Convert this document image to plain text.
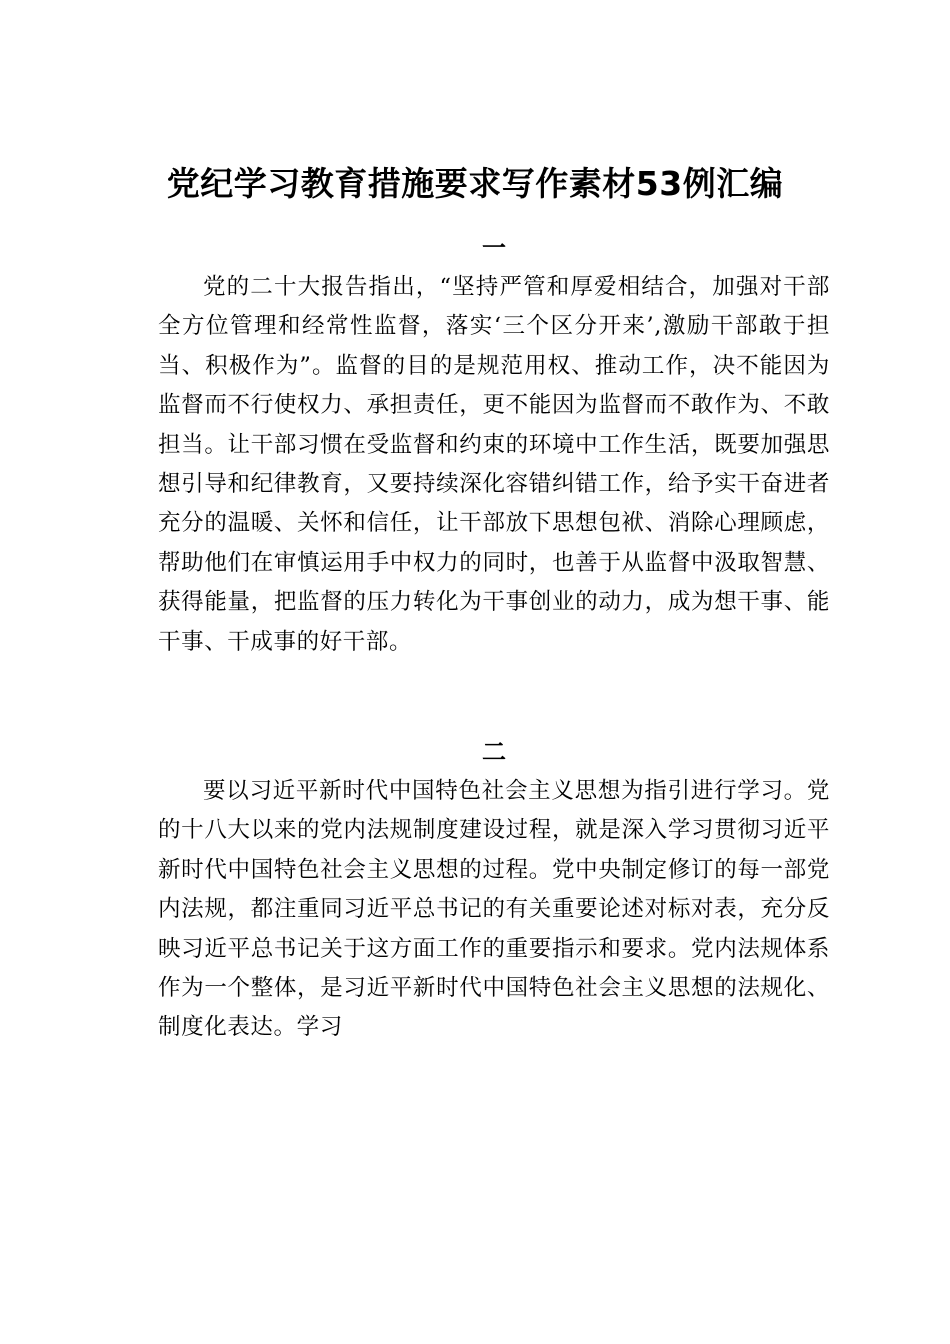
党纪学习教育措施要求写作素材53例汇编
一

党的二十大报告指出，“坚持严管和厚爱相结合，加强对干部全方位管理和经常性监督，落实‘三个区分开来’,激励干部敢于担当、积极作为”。监督的目的是规范用权、推动工作，决不能因为监督而不行使权力、承担责任，更不能因为监督而不敢作为、不敢担当。让干部习惯在受监督和约束的环境中工作生活，既要加强思想引导和纪律教育，又要持续深化容错纠错工作，给予实干奋进者充分的温暖、关怀和信任，让干部放下思想包袱、消除心理顾虑，帮助他们在审慎运用手中权力的同时，也善于从监督中汲取智慧、获得能量，把监督的压力转化为干事创业的动力，成为想干事、能干事、干成事的好干部。

二

要以习近平新时代中国特色社会主义思想为指引进行学习。党的十八大以来的党内法规制度建设过程，就是深入学习贯彻习近平新时代中国特色社会主义思想的过程。党中央制定修订的每一部党内法规，都注重同习近平总书记的有关重要论述对标对表，充分反映习近平总书记关于这方面工作的重要指示和要求。党内法规体系作为一个整体，是习近平新时代中国特色社会主义思想的法规化、制度化表达。学习
